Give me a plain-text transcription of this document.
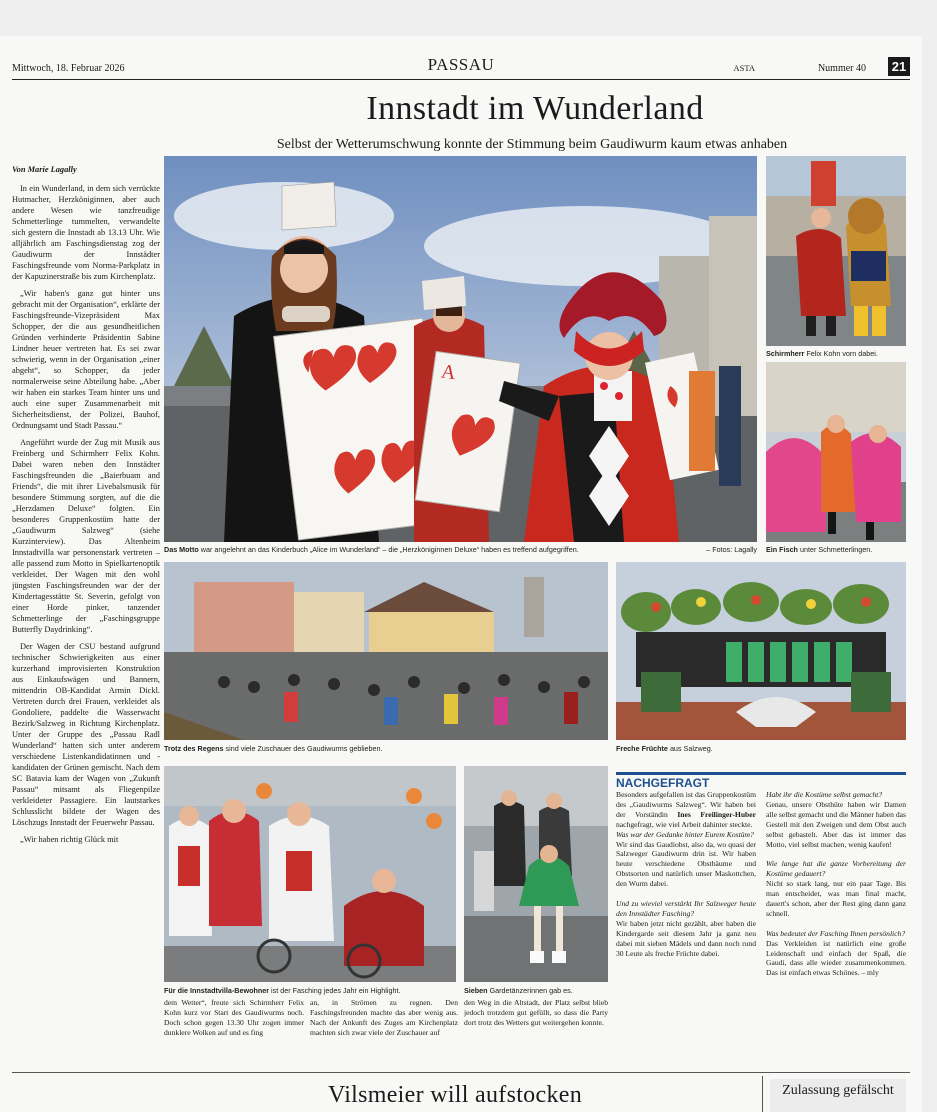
Mittwoch, 18. Februar 2026	PASSAU	ASTA	Nummer 40 21
Innstadt im Wunderland
Selbst der Wetterumschwung konnte der Stimmung beim Gaudiwurm kaum etwas anhaben
Von Marie Lagally

In ein Wunderland, in dem sich verrückte Hutmacher, Herzköniginnen, aber auch andere Wesen wie tanzfreudige Schmetterlinge tummelten, verwandelte sich gestern die Innstadt ab 13.13 Uhr. Wie alljährlich am Faschingsdienstag zog der Gaudiwurm der Innstädter Faschingsfreunde vom Norma-Parkplatz in der Kapuzinerstraße bis zum Kirchenplatz.

„Wir haben's ganz gut hinter uns gebracht mit der Organisation“, erklärte der Faschingsfreunde-Vizepräsident Max Schopper, der die aus gesundheitlichen Gründen verhinderte Präsidentin Sabine Lindner heuer vertreten hat. Es sei zwar schwierig, wenn in der Organisation „einer abgeht“, so Schopper, da jeder normalerweise seine Abteilung habe. „Aber wir haben ein starkes Team hinter uns und auch eine super Zusammenarbeit mit Sicherheitsdienst, der Polizei, Bauhof, Ordnungsamt und Stadt Passau.“

Angeführt wurde der Zug mit Musik aus Freinberg und Schirmherr Felix Kohn. Dabei waren neben den Innstädter Faschingsfreunden die „Baierbuam and Friends“, die mit ihrer Livebalsmusik für besondere Stimmung sorgten, auf die die „Herzdamen Deluxe“ folgten. Ein besonderes Gruppenkostüm hatte der „Gaudiwurm Salzweg“ (siehe Kurzinterview). Das Altenheim Innstadtvilla war personenstark vertreten – alle passend zum Motto in Spielkartenoptik verkleidet. Der Wagen mit den wohl jüngsten Faschingsfreunden war der der Kindertagesstätte St. Severin, gefolgt von einer Horde pinker, tanzender Schmetterlinge der „Faschingsgruppe Butterfly Daydrinking“.

Der Wagen der CSU bestand aufgrund technischer Schwierigkeiten aus einer kurzerhand improvisierten Konstruktion aus Einkaufswägen und Bannern, mittendrin OB-Kandidat Armin Dickl. Vertreten durch drei Frauen, verkleidet als Gondoliere, paddelte die Wasserwacht Bezirk/Salzweg in Richtung Kirchenplatz. Unter der Gruppe des „Passau Radl Wunderland“ hatten sich unter anderem verschiedene Listenkandidatinnen und -kandidaten der Grünen gemischt. Nach dem SC Batavia kam der Wagen von „Zukunft Passau“ mitsamt als Fliegenpilze verkleideter Passagiere. Ein lautstarkes Schlusslicht bildete der Wagen des Löschzugs Innstadt der Feuerwehr Passau.

„Wir haben richtig Glück mit

A
Das Motto war angelehnt an das Kinderbuch „Alice im Wunderland“ – die „Herzköniginnen Deluxe“ haben es treffend aufgegriffen.	– Fotos: Lagally
Schirmherr Felix Kohn vorn dabei.
Ein Fisch unter Schmetterlingen.
Trotz des Regens sind viele Zuschauer des Gaudiwurms geblieben.	Freche Früchte aus Salzweg.
Für die Innstadtvilla-Bewohner ist der Fasching jedes Jahr ein Highlight.	Sieben Gardetänzerinnen gab es.
dem Wetter“, freute sich Schirmherr Felix Kohn kurz vor Start des Gaudiwurms noch. Doch schon gegen 13.30 Uhr zogen immer dunklere Wolken auf und es fing
an, in Strömen zu regnen. Den Faschingsfreunden machte das aber wenig aus. Nach der Ankunft des Zuges am Kirchenplatz machten sich zwar viele der Zuschauer auf
den Weg in die Altstadt, der Platz selbst blieb jedoch trotzdem gut gefüllt, so dass die Party dort trotz des Wetters gut weitergehen konnte.
NACHGEFRAGT
Besonders aufgefallen ist das Gruppenkostüm des „Gaudiwurms Salzweg“. Wir haben bei der Vorständin Ines Freilinger-Huber nachgefragt, wie viel Arbeit dahinter steckte.
Was war der Gedanke hinter Eurem Kostüm?
Wir sind das Gaudiobst, also da, wo quasi der Salzweger Gaudiwurm drin ist. Wir haben heute verschiedene Obstbäume und Obstsorten und natürlich unser Maskottchen, den Wurm dabei.

Und zu wieviel verstärkt Ihr Salzweger heute den Innstädter Fasching?
Wir haben jetzt nicht gezählt, aber haben die Kindergarde seit diesem Jahr ja ganz neu dabei mit sieben Mädels und dann noch rund 30 Leute als freche Früchte dabei.
Habt ihr die Kostüme selbst gemacht?
Genau, unsere Obsthüte haben wir Damen alle selbst gemacht und die Männer haben das Gestell mit den Zweigen und dem Obst auch selbst gebastelt. Aber das ist immer das Motto, viel selbst machen, wenig kaufen!

Wie lange hat die ganze Vorbereitung der Kostüme gedauert?
Nicht so stark lang, nur ein paar Tage. Bis man entscheidet, was man final macht, dauert's schon, aber der Rest ging dann ganz schnell.

Was bedeutet der Fasching Ihnen persönlich?
Das Verkleiden ist natürlich eine große Leidenschaft und einfach der Spaß, die Gaudi, dass alle wieder zusammenkommen. Das ist einfach etwas Schönes. – mly
Vilsmeier will aufstocken	Zulassung gefälscht
